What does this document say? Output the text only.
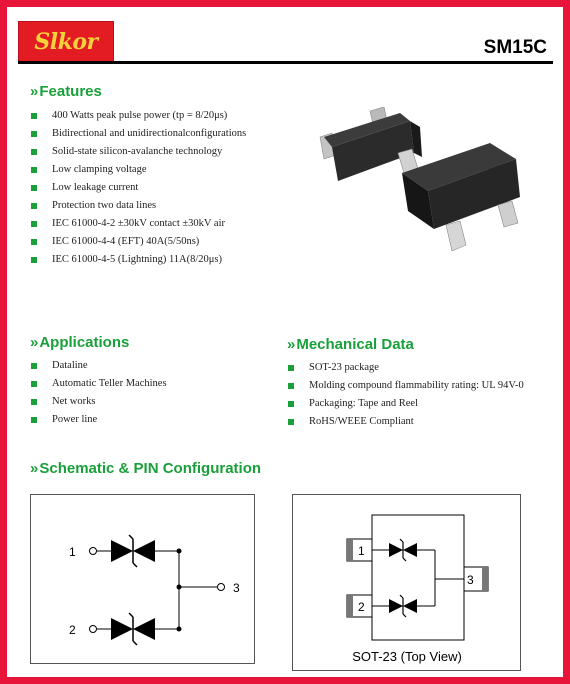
Slkor	SM15C
»Features
400 Watts peak pulse power (tp = 8/20μs)
Bidirectional and unidirectionalconfigurations
Solid-state silicon-avalanche technology
Low clamping voltage
Low leakage current
Protection two data lines
IEC 61000-4-2 ±30kV contact ±30kV air
IEC 61000-4-4 (EFT) 40A(5/50ns)
IEC 61000-4-5 (Lightning) 11A(8/20μs)
»Applications
Dataline
Automatic Teller Machines
Net works
Power line
»Mechanical Data
SOT-23 package
Molding compound flammability rating: UL 94V-0
Packaging: Tape and Reel
RoHS/WEEE Compliant
»Schematic & PIN Configuration
1
2
3
1
2
3
SOT-23 (Top View)
